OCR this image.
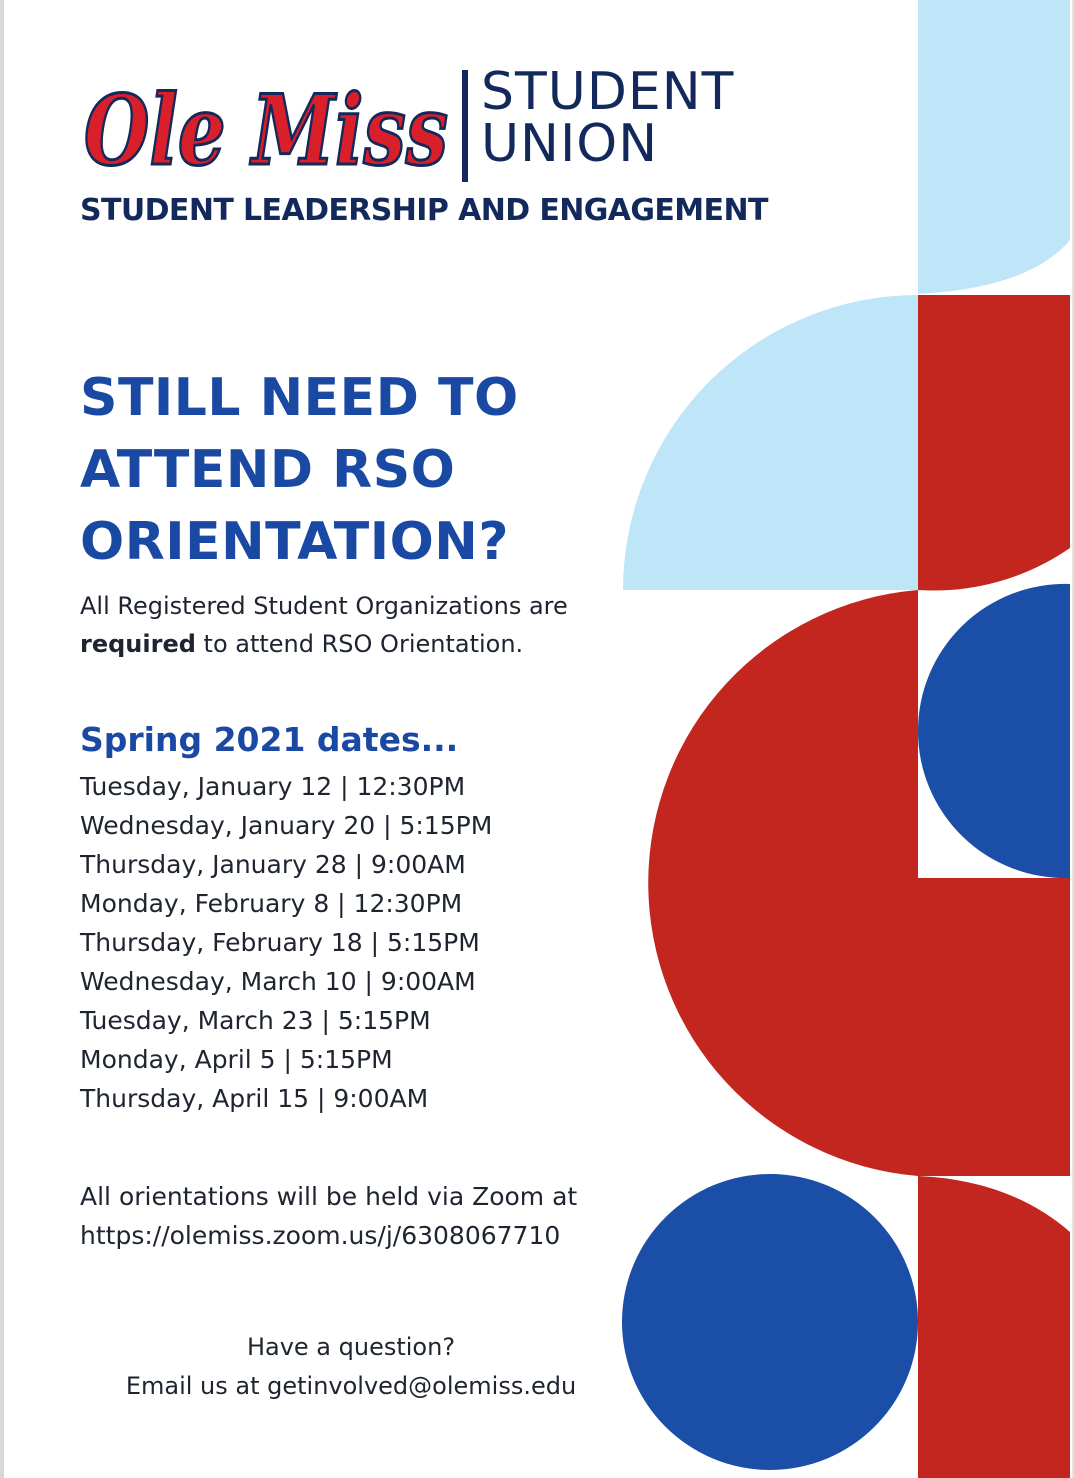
Ole Miss STUDENT
UNION
STUDENT LEADERSHIP AND ENGAGEMENT
STILL NEED TO
ATTEND RSO
ORIENTATION?
All Registered Student Organizations are
required to attend RSO Orientation.
Spring 2021 dates...
Tuesday, January 12 | 12:30PM
Wednesday, January 20 | 5:15PM
Thursday, January 28 | 9:00AM
Monday, February 8 | 12:30PM
Thursday, February 18 | 5:15PM
Wednesday, March 10 | 9:00AM
Tuesday, March 23 | 5:15PM
Monday, April 5 | 5:15PM
Thursday, April 15 | 9:00AM
All orientations will be held via Zoom at
https://olemiss.zoom.us/j/6308067710
Have a question?
Email us at getinvolved@olemiss.edu
